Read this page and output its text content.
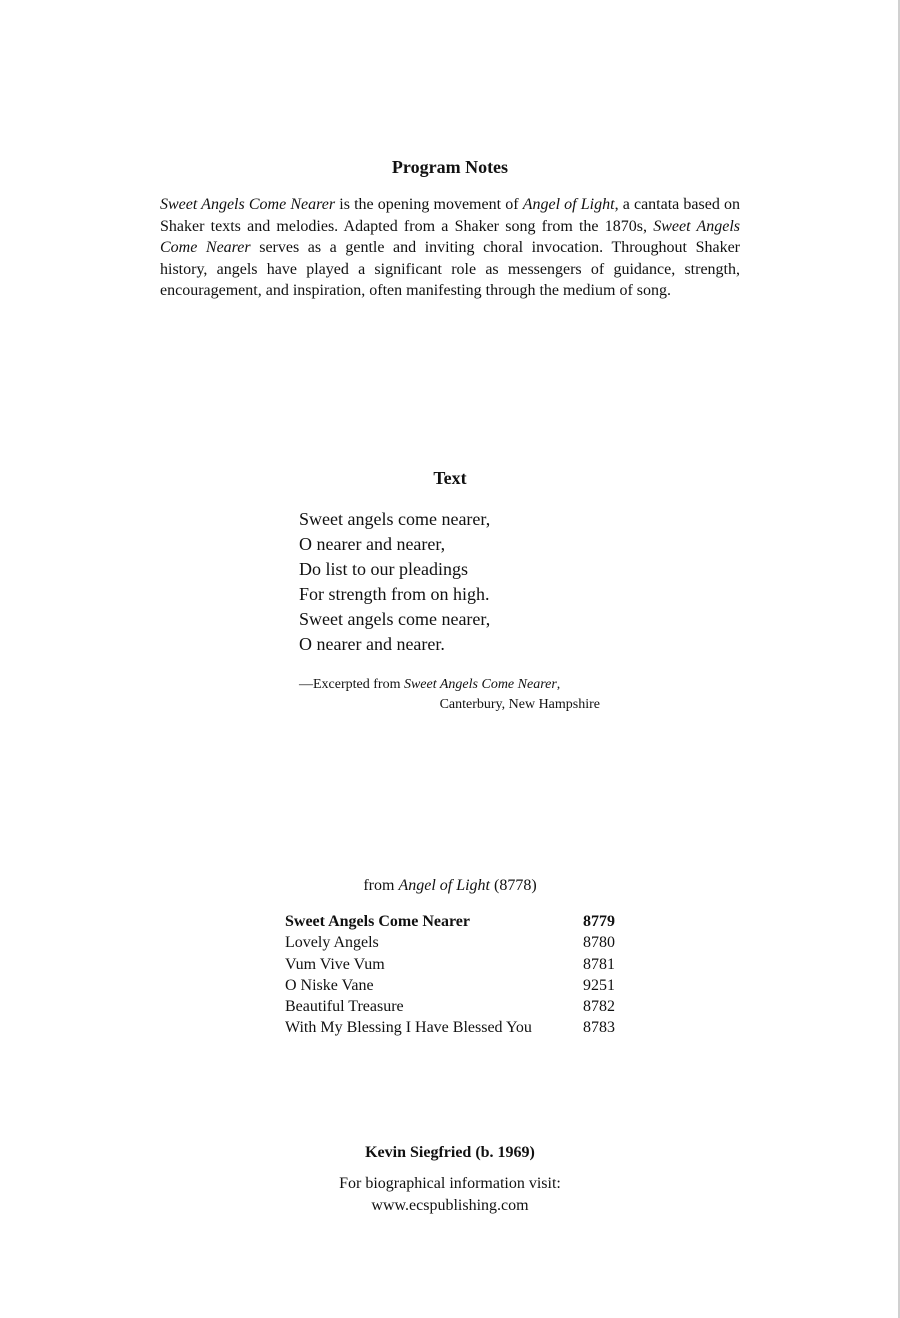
Program Notes
Sweet Angels Come Nearer is the opening movement of Angel of Light, a cantata based on Shaker texts and melodies. Adapted from a Shaker song from the 1870s, Sweet Angels Come Nearer serves as a gentle and inviting choral invocation. Throughout Shaker history, angels have played a significant role as messengers of guidance, strength, encouragement, and inspiration, often manifesting through the medium of song.
Text
Sweet angels come nearer,
O nearer and nearer,
Do list to our pleadings
For strength from on high.
Sweet angels come nearer,
O nearer and nearer.
—Excerpted from Sweet Angels Come Nearer,
Canterbury, New Hampshire
from Angel of Light (8778)
Sweet Angels Come Nearer	8779
Lovely Angels	8780
Vum Vive Vum	8781
O Niske Vane	9251
Beautiful Treasure	8782
With My Blessing I Have Blessed You	8783
Kevin Siegfried (b. 1969)
For biographical information visit:
www.ecspublishing.com
